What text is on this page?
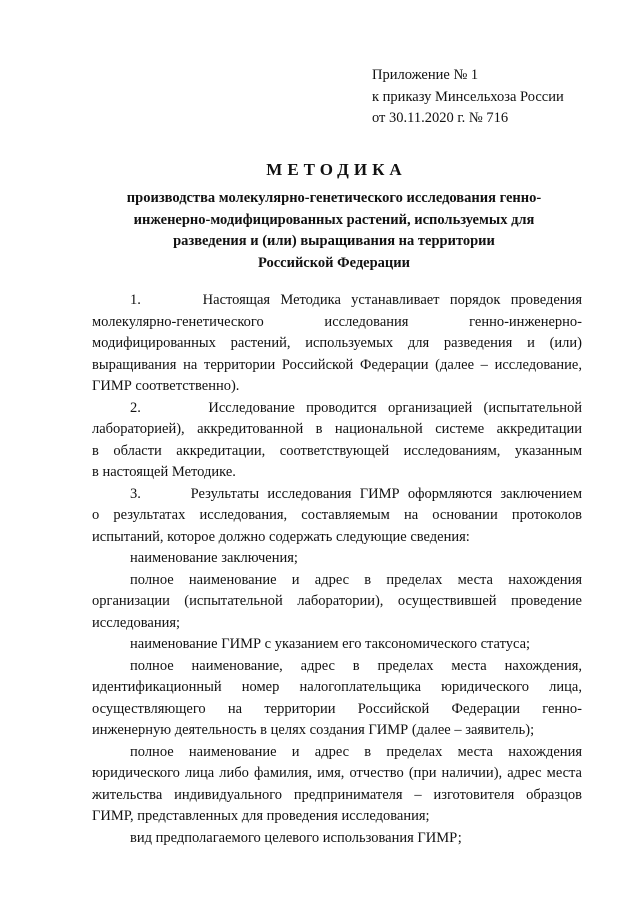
Приложение № 1
к приказу Минсельхоза России
от 30.11.2020 г. № 716
МЕТОДИКА
производства молекулярно-генетического исследования генно-
инженерно-модифицированных растений, используемых для
разведения и (или) выращивания на территории
Российской Федерации

1.      Настоящая Методика устанавливает порядок проведения

молекулярно-генетического исследования генно-инженерно-

модифицированных растений, используемых для разведения и (или)

выращивания на территории Российской Федерации (далее – исследование,

ГИМР соответственно).

2.      Исследование проводится организацией (испытательной

лабораторией), аккредитованной в национальной системе аккредитации

в области аккредитации, соответствующей исследованиям, указанным

в настоящей Методике.

3.      Результаты исследования ГИМР оформляются заключением

о результатах исследования, составляемым на основании протоколов

испытаний, которое должно содержать следующие сведения:

наименование заключения;

полное наименование и адрес в пределах места нахождения

организации (испытательной лаборатории), осуществившей проведение

исследования;

наименование ГИМР с указанием его таксономического статуса;

полное наименование, адрес в пределах места нахождения,

идентификационный номер налогоплательщика юридического лица,

осуществляющего на территории Российской Федерации генно-

инженерную деятельность в целях создания ГИМР (далее – заявитель);

полное наименование и адрес в пределах места нахождения

юридического лица либо фамилия, имя, отчество (при наличии), адрес места

жительства индивидуального предпринимателя – изготовителя образцов

ГИМР, представленных для проведения исследования;

вид предполагаемого целевого использования ГИМР;
